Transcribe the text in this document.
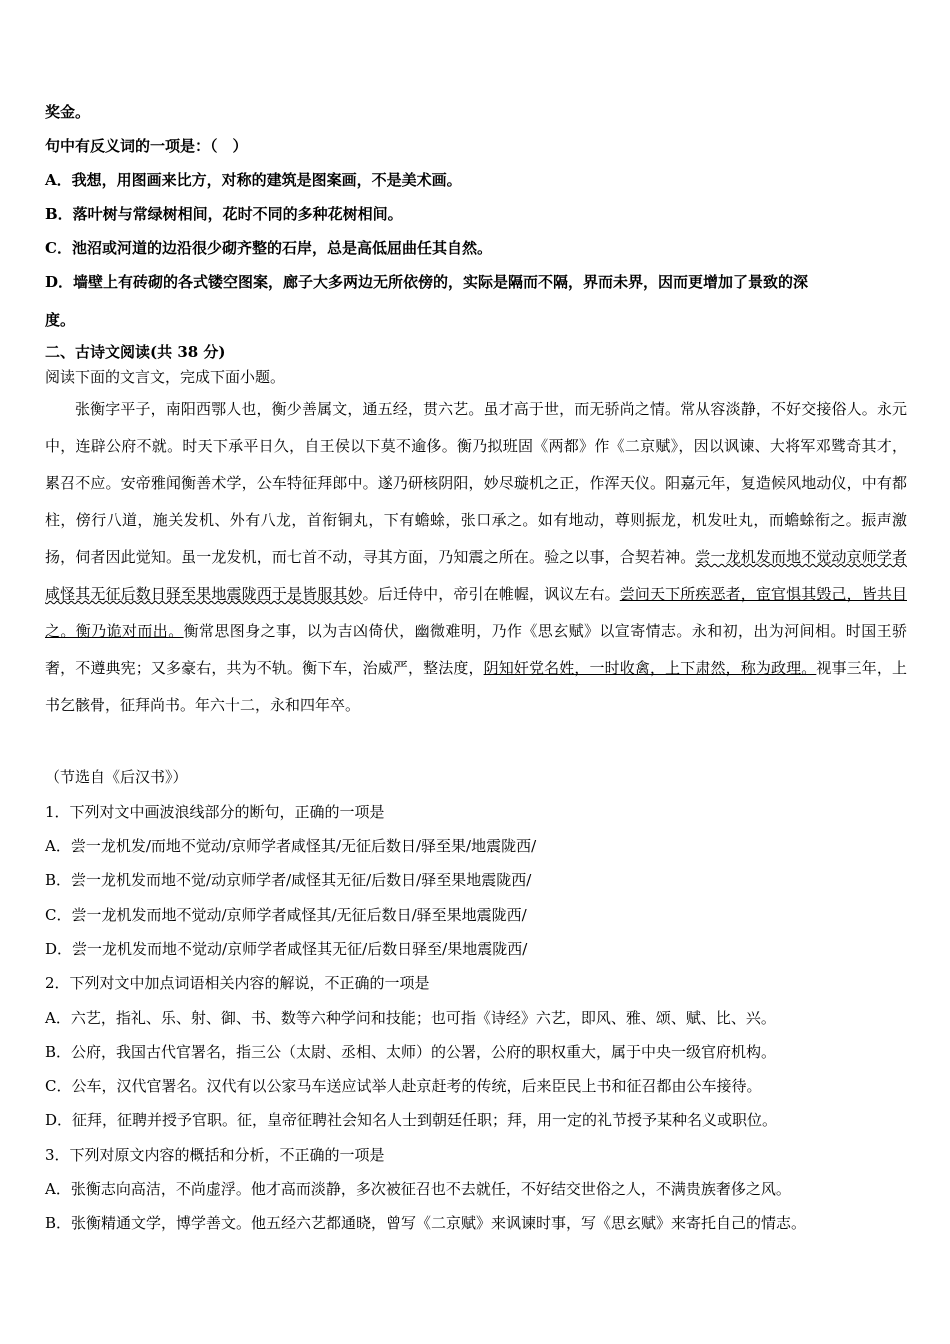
奖金。
句中有反义词的一项是：（　）
A．我想，用图画来比方，对称的建筑是图案画，不是美术画。
B．落叶树与常绿树相间，花时不同的多种花树相间。
C．池沼或河道的边沿很少砌齐整的石岸，总是高低屈曲任其自然。
D．墙壁上有砖砌的各式镂空图案，廊子大多两边无所依傍的，实际是隔而不隔，界而未界，因而更增加了景致的深
度。
二、古诗文阅读(共 38 分)
阅读下面的文言文，完成下面小题。
张衡字平子，南阳西鄂人也，衡少善属文，通五经，贯六艺。虽才高于世，而无骄尚之情。常从容淡静，不好交接俗人。永元中，连辟公府不就。时天下承平日久，自王侯以下莫不逾侈。衡乃拟班固《两都》作《二京赋》，因以讽谏、大将军邓骘奇其才，累召不应。安帝雅闻衡善术学，公车特征拜郎中。遂乃研核阴阳，妙尽璇机之正，作浑天仪。阳嘉元年，复造候风地动仪，中有都柱，傍行八道，施关发机、外有八龙，首衔铜丸，下有蟾蜍，张口承之。如有地动，尊则振龙，机发吐丸，而蟾蜍衔之。振声激扬，伺者因此觉知。虽一龙发机，而七首不动，寻其方面，乃知震之所在。验之以事，合契若神。尝一龙机发而地不觉动京师学者咸怪其无征后数日驿至果地震陇西于是皆服其妙。后迁侍中，帝引在帷幄，讽议左右。尝问天下所疾恶者，宦官惧其毁己，皆共目之。衡乃诡对而出。衡常思图身之事，以为吉凶倚伏，幽微难明，乃作《思玄赋》以宣寄情志。永和初，出为河间相。时国王骄奢，不遵典宪；又多豪右，共为不轨。衡下车，治威严，整法度，阴知奸党名姓，一时收禽，上下肃然，称为政理。视事三年，上书乞骸骨，征拜尚书。年六十二，永和四年卒。
（节选自《后汉书》）
1．下列对文中画波浪线部分的断句，正确的一项是
A．尝一龙机发/而地不觉动/京师学者咸怪其/无征后数日/驿至果/地震陇西/
B．尝一龙机发而地不觉/动京师学者/咸怪其无征/后数日/驿至果地震陇西/
C．尝一龙机发而地不觉动/京师学者咸怪其/无征后数日/驿至果地震陇西/
D．尝一龙机发而地不觉动/京师学者咸怪其无征/后数日驿至/果地震陇西/
2．下列对文中加点词语相关内容的解说，不正确的一项是
A．六艺，指礼、乐、射、御、书、数等六种学问和技能；也可指《诗经》六艺，即风、雅、颂、赋、比、兴。
B．公府，我国古代官署名，指三公（太尉、丞相、太师）的公署，公府的职权重大，属于中央一级官府机构。
C．公车，汉代官署名。汉代有以公家马车送应试举人赴京赶考的传统，后来臣民上书和征召都由公车接待。
D．征拜，征聘并授予官职。征，皇帝征聘社会知名人士到朝廷任职；拜，用一定的礼节授予某种名义或职位。
3．下列对原文内容的概括和分析，不正确的一项是
A．张衡志向高洁，不尚虚浮。他才高而淡静，多次被征召也不去就任，不好结交世俗之人，不满贵族奢侈之风。
B．张衡精通文学，博学善文。他五经六艺都通晓，曾写《二京赋》来讽谏时事，写《思玄赋》来寄托自己的情志。
